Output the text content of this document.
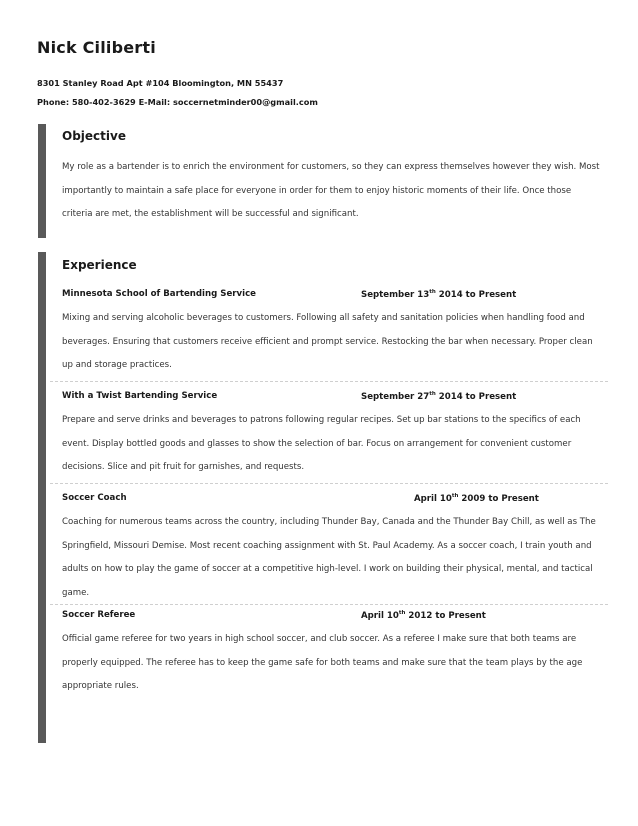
Nick Ciliberti
8301 Stanley Road Apt #104 Bloomington, MN 55437
Phone: 580-402-3629 E-Mail: soccernetminder00@gmail.com
Objective
My role as a bartender is to enrich the environment for customers, so they can express themselves however they wish. Most importantly to maintain a safe place for everyone in order for them to enjoy historic moments of their life. Once those criteria are met, the establishment will be successful and significant.
Experience
Minnesota School of Bartending Service	September 13th 2014 to Present
Mixing and serving alcoholic beverages to customers. Following all safety and sanitation policies when handling food and beverages. Ensuring that customers receive efficient and prompt service. Restocking the bar when necessary. Proper clean up and storage practices.
With a Twist Bartending Service	September 27th 2014 to Present
Prepare and serve drinks and beverages to patrons following regular recipes. Set up bar stations to the specifics of each event. Display bottled goods and glasses to show the selection of bar. Focus on arrangement for convenient customer decisions. Slice and pit fruit for garnishes, and requests.
Soccer Coach	April 10th 2009 to Present
Coaching for numerous teams across the country, including Thunder Bay, Canada and the Thunder Bay Chill, as well as The Springfield, Missouri Demise. Most recent coaching assignment with St. Paul Academy. As a soccer coach, I train youth and adults on how to play the game of soccer at a competitive high-level. I work on building their physical, mental, and tactical game.
Soccer Referee	April 10th 2012 to Present
Official game referee for two years in high school soccer, and club soccer. As a referee I make sure that both teams are properly equipped. The referee has to keep the game safe for both teams and make sure that the team plays by the age appropriate rules.
